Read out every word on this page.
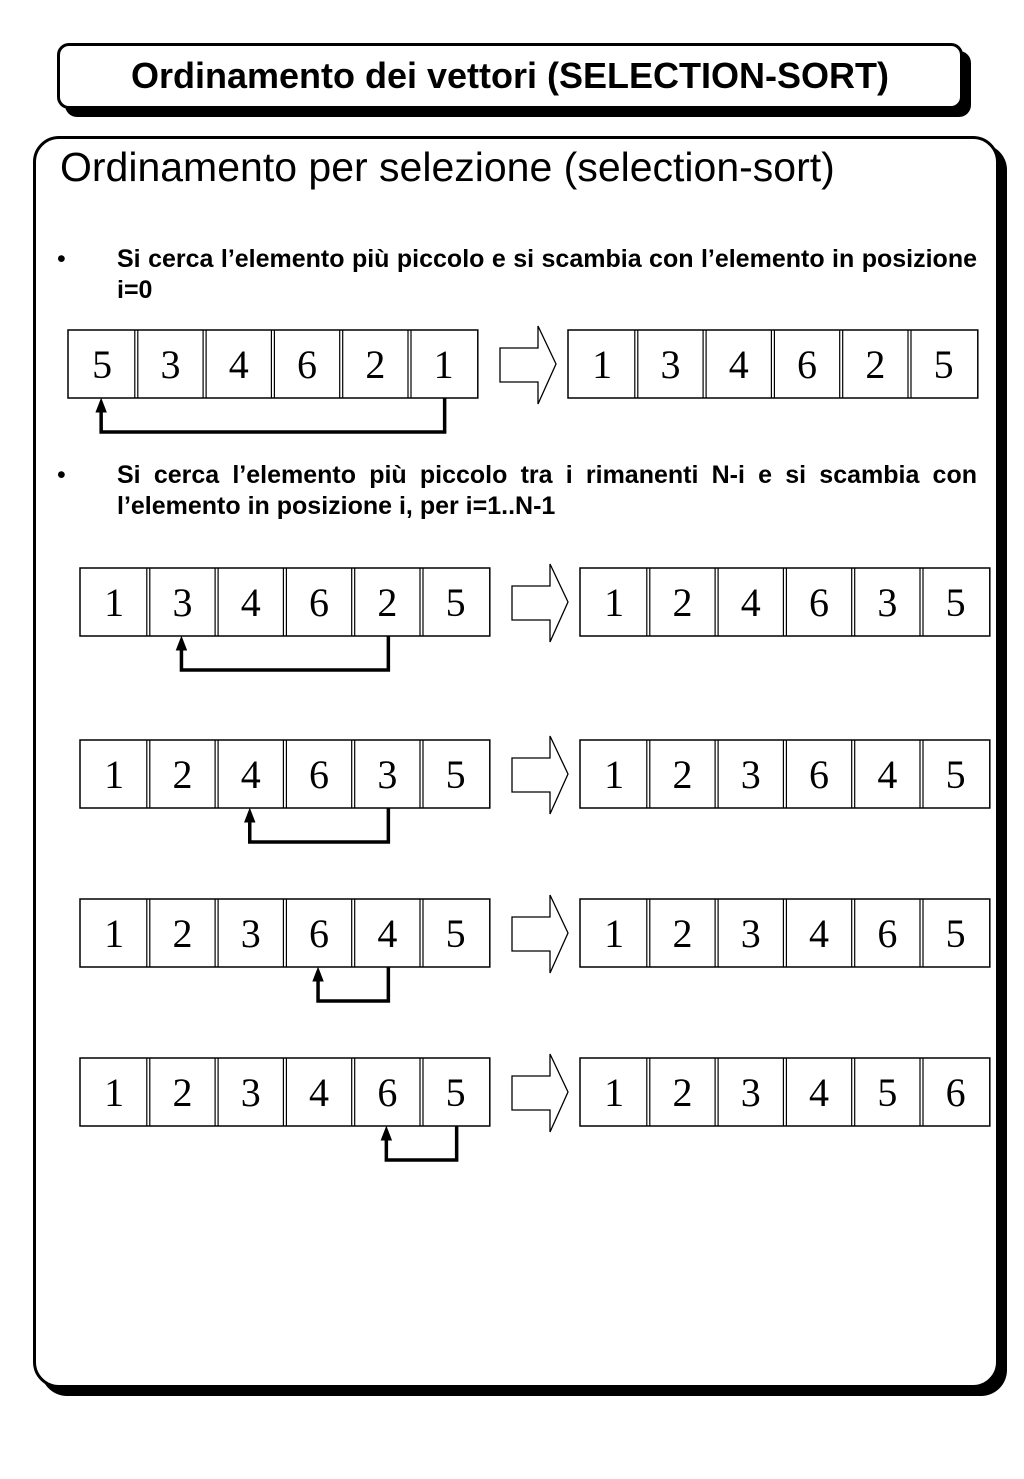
Ordinamento dei vettori (SELECTION-SORT)
Ordinamento per selezione (selection-sort)
•	Si cerca l’elemento più piccolo e si scambia con l’elemento in posizione i=0
•	Si cerca l’elemento più piccolo tra i rimanenti N-i e si scambia con l’elemento in posizione i, per i=1..N-1
5 3 4 6 2 1	1 3 4 6 2 5
1 3 4 6 2 5	1 2 4 6 3 5
1 2 4 6 3 5	1 2 3 6 4 5
1 2 3 6 4 5	1 2 3 4 6 5
1 2 3 4 6 5	1 2 3 4 5 6
